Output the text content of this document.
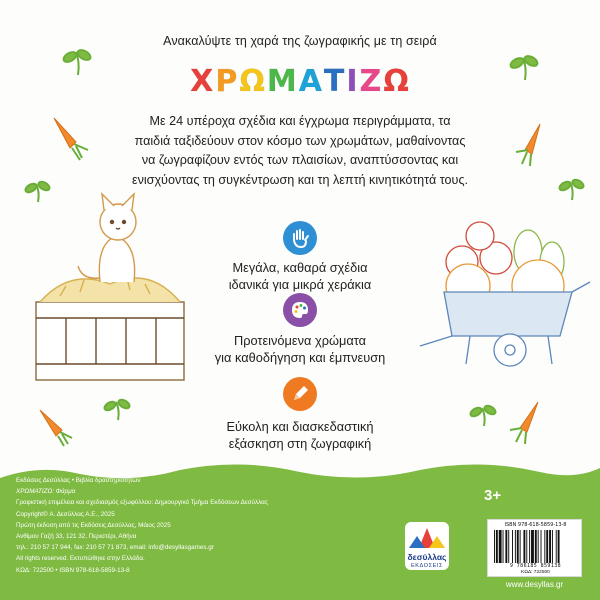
Ανακαλύψτε τη χαρά της ζωγραφικής με τη σειρά
Χ Ρ Ω Μ Α Τ Ι Ζ Ω
Με 24 υπέροχα σχέδια και έγχρωμα περιγράμματα, τα παιδιά ταξιδεύουν στον κόσμο των χρωμάτων, μαθαίνοντας να ζωγραφίζουν εντός των πλαισίων, αναπτύσσοντας και ενισχύοντας τη συγκέντρωση και τη λεπτή κινητικότητά τους.
Μεγάλα, καθαρά σχέδια
ιδανικά για μικρά χεράκια
Προτεινόμενα χρώματα
για καθοδήγηση και έμπνευση
Εύκολη και διασκεδαστική
εξάσκηση στη ζωγραφική
Εκδόσεις Δεσύλλας • Βιβλία δραστηριοτήτων
ΧΡΩΜΑΤΙΖΩ: Φάρμα
Γραφιστική επιμέλεια και σχεδιασμός εξωφύλλου: Δημιουργικό Τμήμα Εκδόσεων Δεσύλλας
Copyright© Α. Δεσύλλας Α.Ε., 2025
Πρώτη έκδοση από τις Εκδόσεις Δεσύλλας, Μάιος 2025
Ανθίμου Γαζή 33, 121 32, Περιστέρι, Αθήνα
τηλ.: 210 57 17 944, fax: 210 57 71 873, email: info@desyllasgames.gr
All rights reserved. Εκτυπώθηκε στην Ελλάδα.
ΚΩΔ: 722500 • ISBN 978-618-5859-13-8
3+
δεσύλλας
ΕΚΔΟΣΕΙΣ
ISBN 978-618-5859-13-8
9 786185 859138
ΚΩΔ: 722500
www.desyllas.gr
